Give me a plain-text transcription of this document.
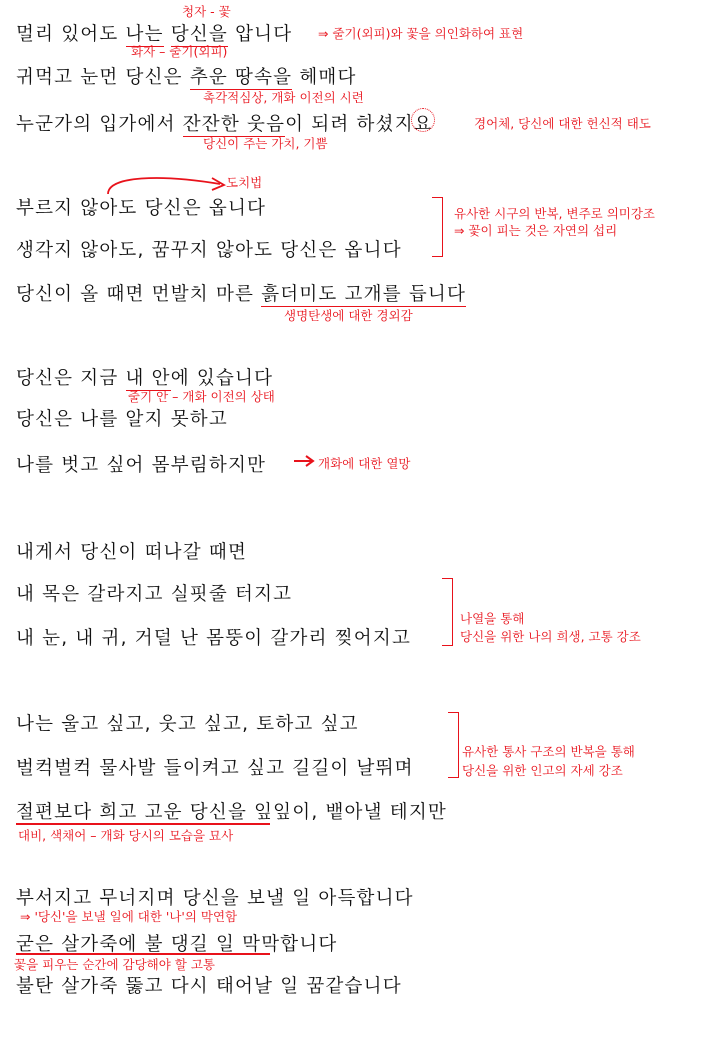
멀리 있어도 나는 당신을 압니다
청자 - 꽃
화자 – 줄기(외피)
⇒ 줄기(외피)와 꽃을 의인화하여 표현
귀먹고 눈먼 당신은 추운 땅속을 헤매다
촉각적심상, 개화 이전의 시련
누군가의 입가에서 잔잔한 웃음이 되려 하셨지요
당신이 주는 가치, 기쁨
경어체, 당신에 대한 헌신적 태도
도치법
부르지 않아도 당신은 옵니다
생각지 않아도, 꿈꾸지 않아도 당신은 옵니다
유사한 시구의 반복, 변주로 의미강조
⇒ 꽃이 피는 것은 자연의 섭리
당신이 올 때면 먼발치 마른 흙더미도 고개를 듭니다
생명탄생에 대한 경외감
당신은 지금 내 안에 있습니다
줄기 안 – 개화 이전의 상태
당신은 나를 알지 못하고
나를 벗고 싶어 몸부림하지만	개화에 대한 열망
내게서 당신이 떠나갈 때면
내 목은 갈라지고 실핏줄 터지고
내 눈, 내 귀, 거덜 난 몸뚱이 갈가리 찢어지고
나열을 통해
당신을 위한 나의 희생, 고통 강조
나는 울고 싶고, 웃고 싶고, 토하고 싶고
벌컥벌컥 물사발 들이켜고 싶고 길길이 날뛰며
유사한 통사 구조의 반복을 통해
당신을 위한 인고의 자세 강조
절편보다 희고 고운 당신을 잎잎이, 뱉아낼 테지만
대비, 색채어 – 개화 당시의 모습을 묘사
부서지고 무너지며 당신을 보낼 일 아득합니다
⇒ '당신'을 보낼 일에 대한 '나'의 막연함
굳은 살가죽에 불 댕길 일 막막합니다
꽃을 피우는 순간에 감당해야 할 고통
불탄 살가죽 뚫고 다시 태어날 일 꿈같습니다
